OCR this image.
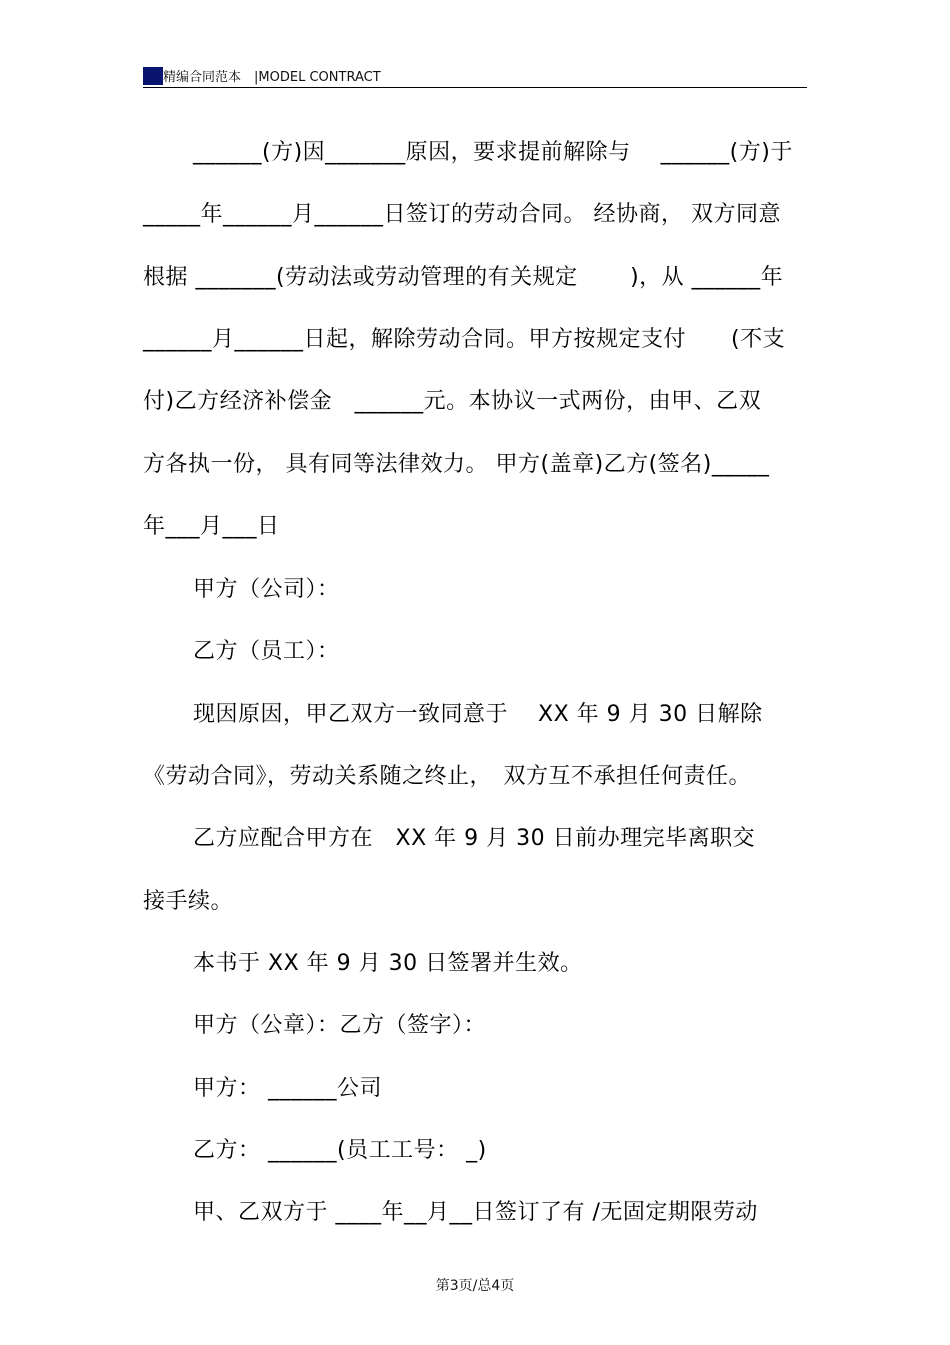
精编合同范本　 |MODEL CONTRACT
______(方)因_______原因，要求提前解除与　 ______(方)于
_____年______月______日签订的劳动合同。 经协商， 双方同意
根据 _______(劳动法或劳动管理的有关规定　　 )，从 ______年
______月______日起，解除劳动合同。甲方按规定支付　　(不支
付)乙方经济补偿金　______元。本协议一式两份，由甲、乙双
方各执一份， 具有同等法律效力。 甲方(盖章)乙方(签名)_____
年___月___日
甲方（公司）：
乙方（员工）：
现因原因，甲乙双方一致同意于　 XX 年 9 月 30 日解除
《劳动合同》，劳动关系随之终止，　双方互不承担任何责任。
乙方应配合甲方在　XX 年 9 月 30 日前办理完毕离职交
接手续。
本书于 XX 年 9 月 30 日签署并生效。
甲方（公章）：乙方（签字）：
甲方： ______公司
乙方： ______(员工工号： _)
甲、乙双方于 ____年__月__日签订了有 /无固定期限劳动
第3页/总4页
